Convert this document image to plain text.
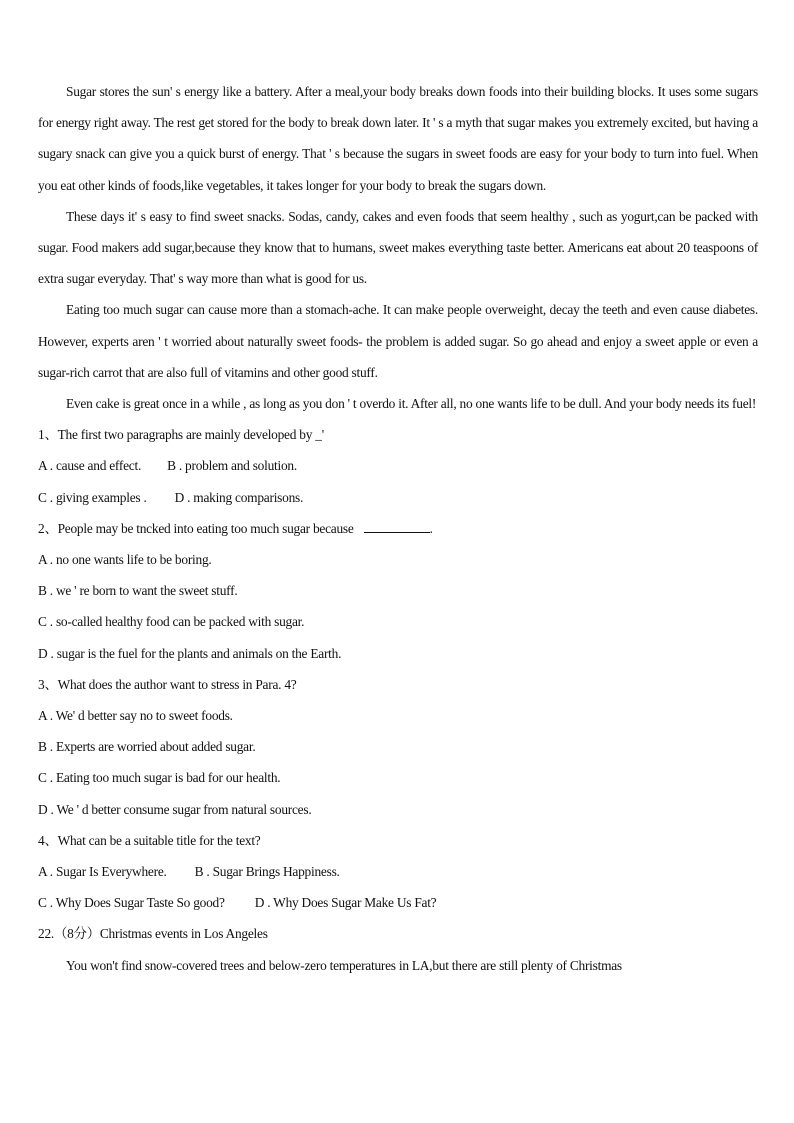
Sugar stores the sun' s energy like a battery. After a meal,your body breaks down foods into their building blocks. It uses some sugars for energy right away. The rest get stored for the body to break down later. It ' s a myth that sugar makes you extremely excited, but having a sugary snack can give you a quick burst of energy. That ' s because the sugars in sweet foods are easy for your body to turn into fuel. When you eat other kinds of foods,like vegetables, it takes longer for your body to break the sugars down.

These days it' s easy to find sweet snacks. Sodas, candy, cakes and even foods that seem healthy , such as yogurt,can be packed with sugar. Food makers add sugar,because they know that to humans, sweet makes everything taste better. Americans eat about 20 teaspoons of extra sugar everyday. That' s way more than what is good for us.

Eating too much sugar can cause more than a stomach-ache. It can make people overweight, decay the teeth and even cause diabetes. However, experts aren ' t worried about naturally sweet foods- the problem is added sugar. So go ahead and enjoy a sweet apple or even a sugar-rich carrot that are also full of vitamins and other good stuff.

Even cake is great once in a while , as long as you don ' t overdo it. After all, no one wants life to be dull. And your body needs its fuel!

1、The first two paragraphs are mainly developed by _'

A . cause and effect. B . problem and solution.

C . giving examples . D . making comparisons.

2、People may be tncked into eating too much sugar because	.

A . no one wants life to be boring.

B . we ' re born to want the sweet stuff.

C . so-called healthy food can be packed with sugar.

D . sugar is the fuel for the plants and animals on the Earth.

3、What does the author want to stress in Para. 4?

A . We' d better say no to sweet foods.

B . Experts are worried about added sugar.

C . Eating too much sugar is bad for our health.

D . We ' d better consume sugar from natural sources.

4、What can be a suitable title for the text?

A . Sugar Is Everywhere. B . Sugar Brings Happiness.

C . Why Does Sugar Taste So good? D . Why Does Sugar Make Us Fat?

22.（8分）Christmas events in Los Angeles

You won't find snow-covered trees and below-zero temperatures in LA,but there are still plenty of Christmas
